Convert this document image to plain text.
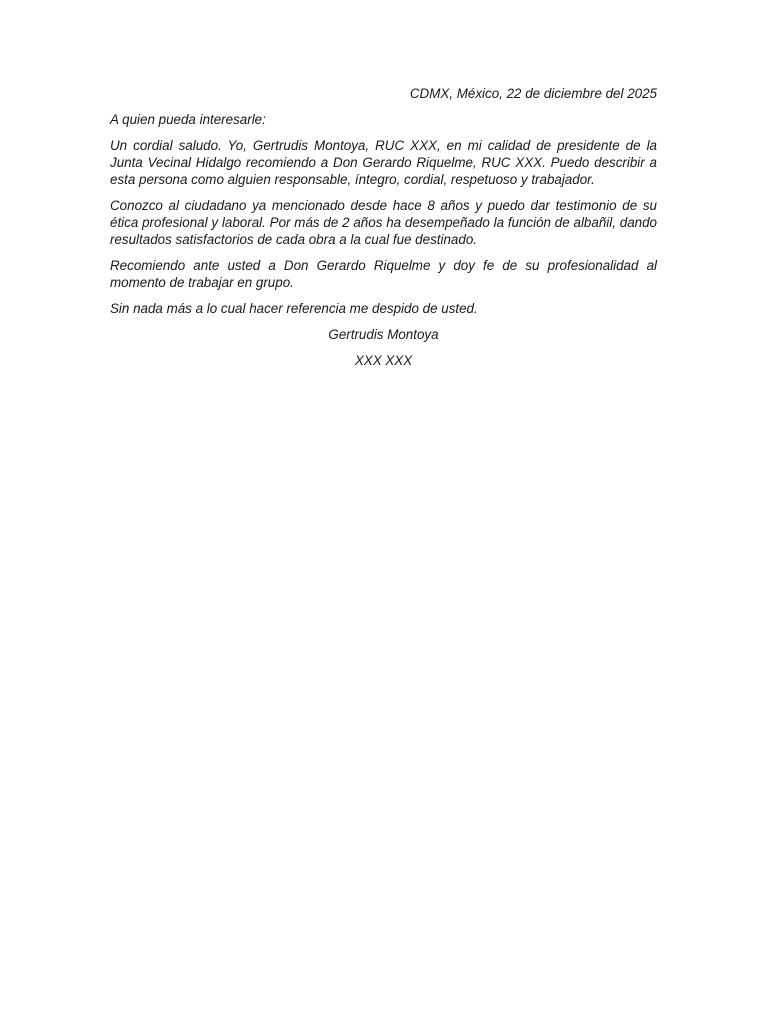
CDMX, México, 22 de diciembre del 2025

A quien pueda interesarle:

Un cordial saludo. Yo, Gertrudis Montoya, RUC XXX, en mi calidad de presidente de la Junta Vecinal Hidalgo recomiendo a Don Gerardo Riquelme, RUC XXX. Puedo describir a esta persona como alguien responsable, íntegro, cordial, respetuoso y trabajador.

Conozco al ciudadano ya mencionado desde hace 8 años y puedo dar testimonio de su ética profesional y laboral. Por más de 2 años ha desempeñado la función de albañil, dando resultados satisfactorios de cada obra a la cual fue destinado.

Recomiendo ante usted a Don Gerardo Riquelme y doy fe de su profesionalidad al momento de trabajar en grupo.

Sin nada más a lo cual hacer referencia me despido de usted.

Gertrudis Montoya

XXX XXX
